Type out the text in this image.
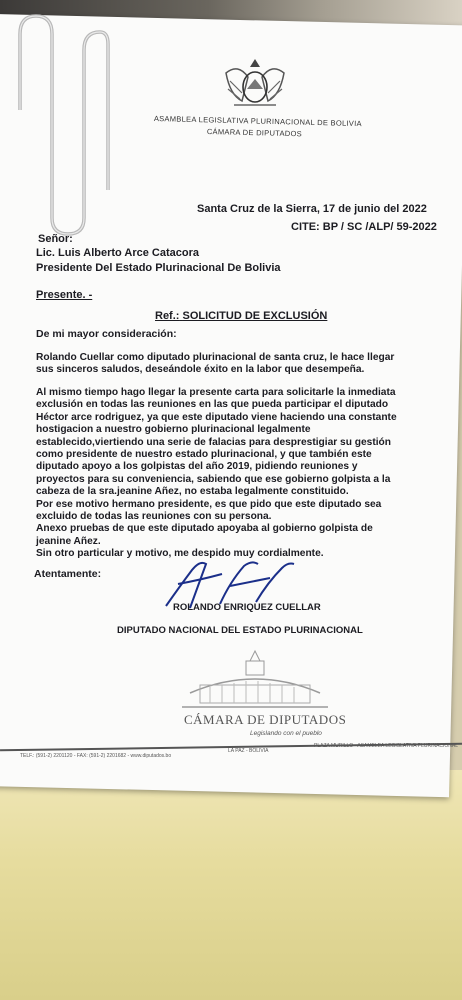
ASAMBLEA LEGISLATIVA PLURINACIONAL DE BOLIVIA
CÁMARA DE DIPUTADOS
Santa Cruz de la Sierra, 17 de junio del 2022
CITE: BP / SC /ALP/ 59-2022
Señor:
Lic. Luis Alberto Arce Catacora
Presidente Del Estado Plurinacional De Bolivia
Presente. -
Ref.: SOLICITUD DE EXCLUSIÓN
De mi mayor consideración:
Rolando Cuellar como diputado plurinacional de santa cruz, le hace llegar
sus sinceros saludos, deseándole éxito en la labor que desempeña.
Al mismo tiempo hago llegar la presente carta para solicitarle la inmediata
exclusión en todas las reuniones en las que pueda participar el diputado
Héctor arce rodriguez, ya que este diputado viene haciendo una constante
hostigacion a nuestro gobierno plurinacional legalmente
establecido,viertiendo una serie de falacias para desprestigiar su gestión
como presidente de nuestro estado plurinacional, y que también este
diputado apoyo a los golpistas del año 2019, pidiendo reuniones y
proyectos para su conveniencia, sabiendo que ese gobierno golpista a la
cabeza de la sra.jeanine Añez, no estaba legalmente constituido.
Por ese motivo hermano presidente, es que pido que este diputado sea
excluido de todas las reuniones con su persona.
Anexo pruebas de que este diputado apoyaba al gobierno golpista de
jeanine Añez.
Sin otro particular y motivo, me despido muy cordialmente.
Atentamente:
ROLANDO ENRIQUEZ CUELLAR
DIPUTADO NACIONAL DEL ESTADO PLURINACIONAL
CÁMARA DE DIPUTADOS
Legislando con el pueblo
TELF.: (591-2) 2201120 - FAX: (591-2) 2201682 - www.diputados.bo
LA PAZ - BOLIVIA
PLAZA MURILLO - ASAMBLEA LEGISLATIVA PLURINACIONAL
